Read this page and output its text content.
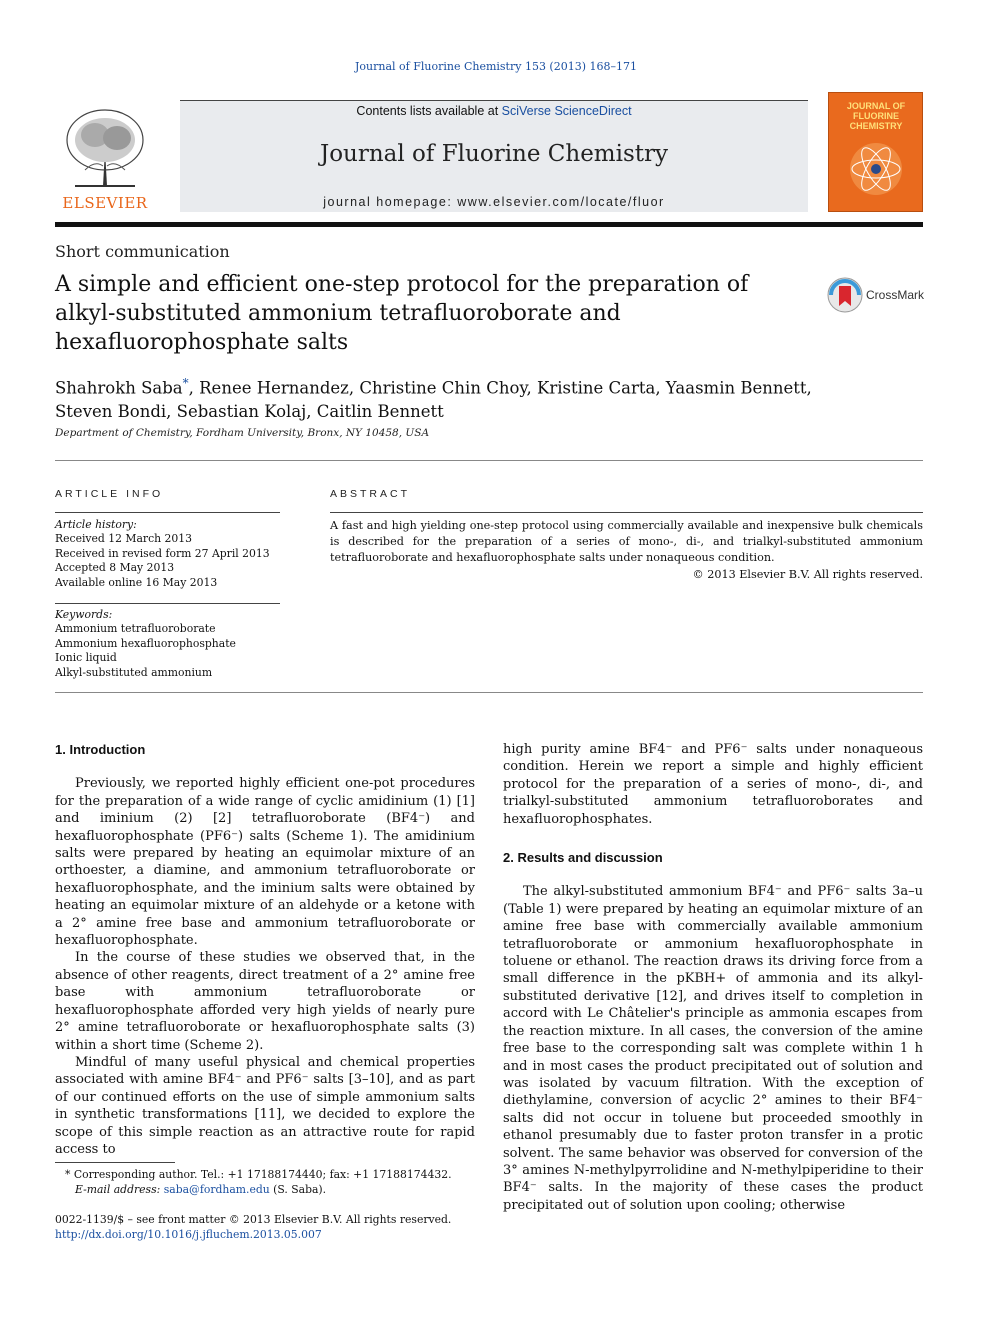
Journal of Fluorine Chemistry 153 (2013) 168–171
ELSEVIER
Contents lists available at SciVerse ScienceDirect
Journal of Fluorine Chemistry
journal homepage: www.elsevier.com/locate/fluor
JOURNAL OF FLUORINE CHEMISTRY
Short communication
A simple and efficient one-step protocol for the preparation of alkyl-substituted ammonium tetrafluoroborate and hexafluorophosphate salts
CrossMark
Shahrokh Saba*, Renee Hernandez, Christine Chin Choy, Kristine Carta, Yaasmin Bennett,
Steven Bondi, Sebastian Kolaj, Caitlin Bennett
Department of Chemistry, Fordham University, Bronx, NY 10458, USA
ARTICLE INFO	ABSTRACT
Article history:
Received 12 March 2013
Received in revised form 27 April 2013
Accepted 8 May 2013
Available online 16 May 2013
Keywords:
Ammonium tetrafluoroborate
Ammonium hexafluorophosphate
Ionic liquid
Alkyl-substituted ammonium
A fast and high yielding one-step protocol using commercially available and inexpensive bulk chemicals is described for the preparation of a series of mono-, di-, and trialkyl-substituted ammonium tetrafluoroborate and hexafluorophosphate salts under nonaqueous condition.
© 2013 Elsevier B.V. All rights reserved.
1. Introduction

Previously, we reported highly efficient one-pot procedures for the preparation of a wide range of cyclic amidinium (1) [1] and iminium (2) [2] tetrafluoroborate (BF4⁻) and hexafluorophosphate (PF6⁻) salts (Scheme 1). The amidinium salts were prepared by heating an equimolar mixture of an orthoester, a diamine, and ammonium tetrafluoroborate or hexafluorophosphate, and the iminium salts were obtained by heating an equimolar mixture of an aldehyde or a ketone with a 2° amine free base and ammonium tetrafluoroborate or hexafluorophosphate.

In the course of these studies we observed that, in the absence of other reagents, direct treatment of a 2° amine free base with ammonium tetrafluoroborate or hexafluorophosphate afforded very high yields of nearly pure 2° amine tetrafluoroborate or hexafluorophosphate salts (3) within a short time (Scheme 2).

Mindful of many useful physical and chemical properties associated with amine BF4⁻ and PF6⁻ salts [3–10], and as part of our continued efforts on the use of simple ammonium salts in synthetic transformations [11], we decided to explore the scope of this simple reaction as an attractive route for rapid access to

high purity amine BF4⁻ and PF6⁻ salts under nonaqueous condition. Herein we report a simple and highly efficient protocol for the preparation of a series of mono-, di-, and trialkyl-substituted ammonium tetrafluoroborates and hexafluorophosphates.

2. Results and discussion

The alkyl-substituted ammonium BF4⁻ and PF6⁻ salts 3a–u (Table 1) were prepared by heating an equimolar mixture of an amine free base with commercially available ammonium tetrafluoroborate or ammonium hexafluorophosphate in toluene or ethanol. The reaction draws its driving force from a small difference in the pKBH+ of ammonia and its alkyl-substituted derivative [12], and drives itself to completion in accord with Le Châtelier's principle as ammonia escapes from the reaction mixture. In all cases, the conversion of the amine free base to the corresponding salt was complete within 1 h and in most cases the product precipitated out of solution and was isolated by vacuum filtration. With the exception of diethylamine, conversion of acyclic 2° amines to their BF4⁻ salts did not occur in toluene but proceeded smoothly in ethanol presumably due to faster proton transfer in a protic solvent. The same behavior was observed for conversion of the 3° amines N-methylpyrrolidine and N-methylpiperidine to their BF4⁻ salts. In the majority of these cases the product precipitated out of solution upon cooling; otherwise

* Corresponding author. Tel.: +1 17188174440; fax: +1 17188174432.
E-mail address: saba@fordham.edu (S. Saba).
0022-1139/$ – see front matter © 2013 Elsevier B.V. All rights reserved.
http://dx.doi.org/10.1016/j.jfluchem.2013.05.007
